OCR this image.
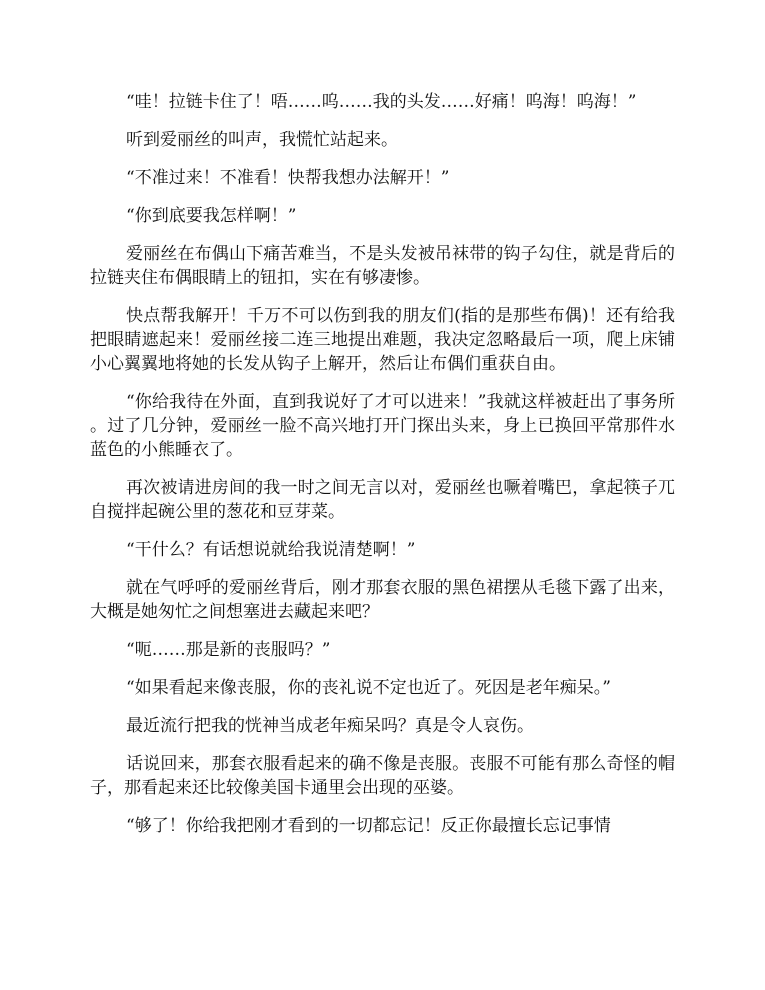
“哇！拉链卡住了！唔……呜……我的头发……好痛！呜海！呜海！”

听到爱丽丝的叫声，我慌忙站起来。

“不准过来！不准看！快帮我想办法解开！”

“你到底要我怎样啊！”

爱丽丝在布偶山下痛苦难当，不是头发被吊袜带的钩子勾住，就是背后的拉链夹住布偶眼睛上的钮扣，实在有够凄惨。

快点帮我解开！千万不可以伤到我的朋友们(指的是那些布偶)！还有给我把眼睛遮起来！爱丽丝接二连三地提出难题，我决定忽略最后一项，爬上床铺小心翼翼地将她的长发从钩子上解开，然后让布偶们重获自由。

“你给我待在外面，直到我说好了才可以进来！”我就这样被赶出了事务所。过了几分钟，爱丽丝一脸不高兴地打开门探出头来，身上已换回平常那件水蓝色的小熊睡衣了。

再次被请进房间的我一时之间无言以对，爱丽丝也噘着嘴巴，拿起筷子兀自搅拌起碗公里的葱花和豆芽菜。

“干什么？有话想说就给我说清楚啊！”

就在气呼呼的爱丽丝背后，刚才那套衣服的黑色裙摆从毛毯下露了出来，大概是她匆忙之间想塞进去藏起来吧？

“呃……那是新的丧服吗？”

“如果看起来像丧服，你的丧礼说不定也近了。死因是老年痴呆。”

最近流行把我的恍神当成老年痴呆吗？真是令人哀伤。

话说回来，那套衣服看起来的确不像是丧服。丧服不可能有那么奇怪的帽子，那看起来还比较像美国卡通里会出现的巫婆。

“够了！你给我把刚才看到的一切都忘记！反正你最擅长忘记事情
